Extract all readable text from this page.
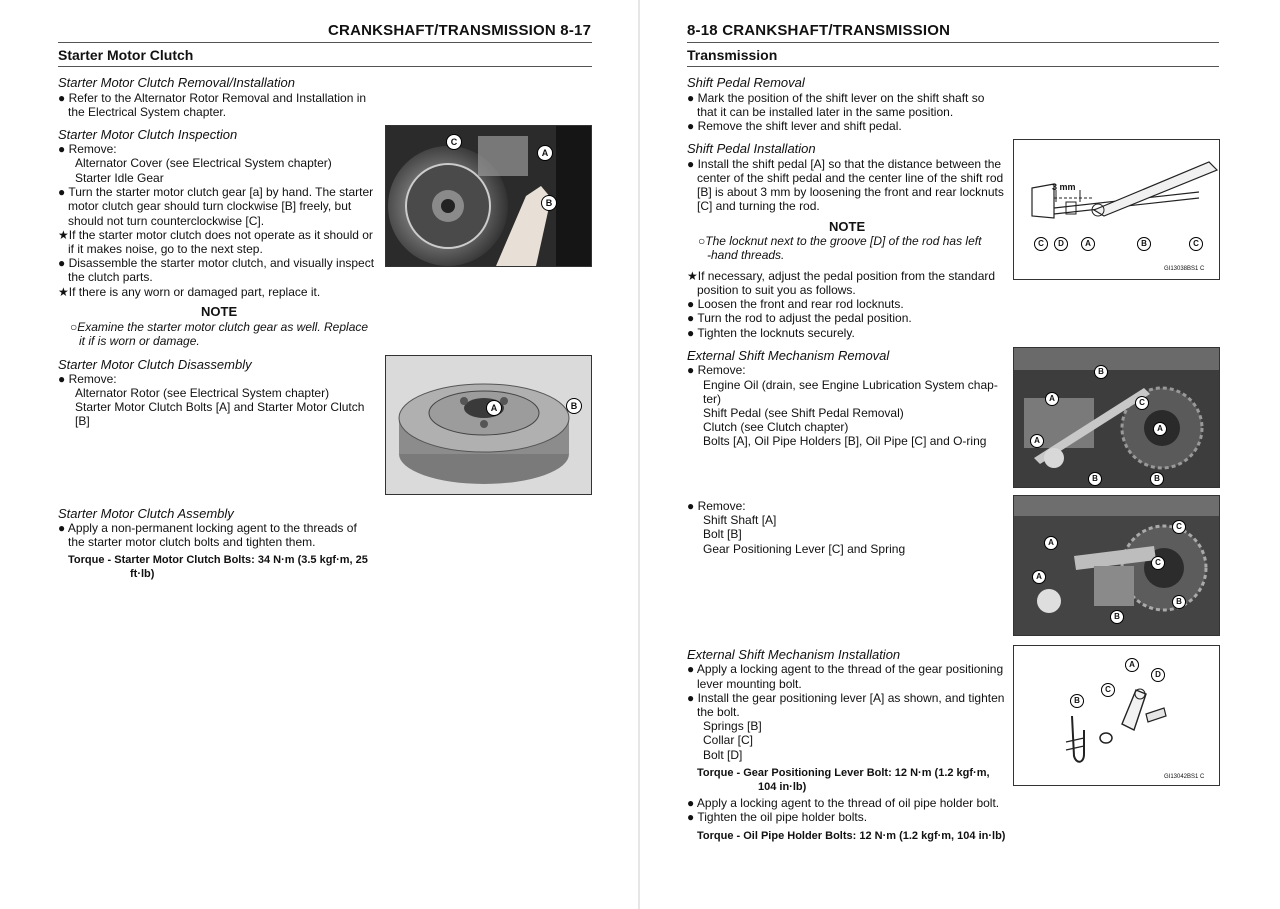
CRANKSHAFT/TRANSMISSION 8-17
Starter Motor Clutch
Starter Motor Clutch Removal/Installation
● Refer to the Alternator Rotor Removal and Installation in
the Electrical System chapter.
Starter Motor Clutch Inspection
● Remove:
Alternator Cover (see Electrical System chapter)
Starter Idle Gear
● Turn the starter motor clutch gear [a] by hand. The starter
motor clutch gear should turn clockwise [B] freely, but
should not turn counterclockwise [C].
★If the starter motor clutch does not operate as it should or
if it makes noise, go to the next step.
● Disassemble the starter motor clutch, and visually inspect
the clutch parts.
★If there is any worn or damaged part, replace it.
NOTE
○Examine the starter motor clutch gear as well. Replace
it if is worn or damage.
Starter Motor Clutch Disassembly
● Remove:
Alternator Rotor (see Electrical System chapter)
Starter Motor Clutch Bolts [A] and Starter Motor Clutch
[B]
Starter Motor Clutch Assembly
● Apply a non-permanent locking agent to the threads of
the starter motor clutch bolts and tighten them.
Torque - Starter Motor Clutch Bolts: 34 N·m (3.5 kgf·m, 25
ft·lb)
C
A
B
A	B
8-18 CRANKSHAFT/TRANSMISSION
Transmission
Shift Pedal Removal
● Mark the position of the shift lever on the shift shaft so
that it can be installed later in the same position.
● Remove the shift lever and shift pedal.
Shift Pedal Installation
● Install the shift pedal [A] so that the distance between the
center of the shift pedal and the center line of the shift rod
[B] is about 3 mm by loosening the front and rear locknuts
[C] and turning the rod.
NOTE
○The locknut next to the groove [D] of the rod has left
-hand threads.
★If necessary, adjust the pedal position from the standard
position to suit you as follows.
● Loosen the front and rear rod locknuts.
● Turn the rod to adjust the pedal position.
● Tighten the locknuts securely.
External Shift Mechanism Removal
● Remove:
Engine Oil (drain, see Engine Lubrication System chap-
ter)
Shift Pedal (see Shift Pedal Removal)
Clutch (see Clutch chapter)
Bolts [A], Oil Pipe Holders [B], Oil Pipe [C] and O-ring
● Remove:
Shift Shaft [A]
Bolt [B]
Gear Positioning Lever [C] and Spring
External Shift Mechanism Installation
● Apply a locking agent to the thread of the gear positioning
lever mounting bolt.
● Install the gear positioning lever [A] as shown, and tighten
the bolt.
Springs [B]
Collar [C]
Bolt [D]
Torque - Gear Positioning Lever Bolt: 12 N·m (1.2 kgf·m,
104 in·lb)
● Apply a locking agent to the thread of oil pipe holder bolt.
● Tighten the oil pipe holder bolts.
Torque - Oil Pipe Holder Bolts: 12 N·m (1.2 kgf·m, 104 in·lb)
3 mm
C	D	A	B	C
GI13038BS1 C
B
A	C
A
A
B	B
A
C
C
A
B
B
A
C
D
B
GI13042BS1 C
